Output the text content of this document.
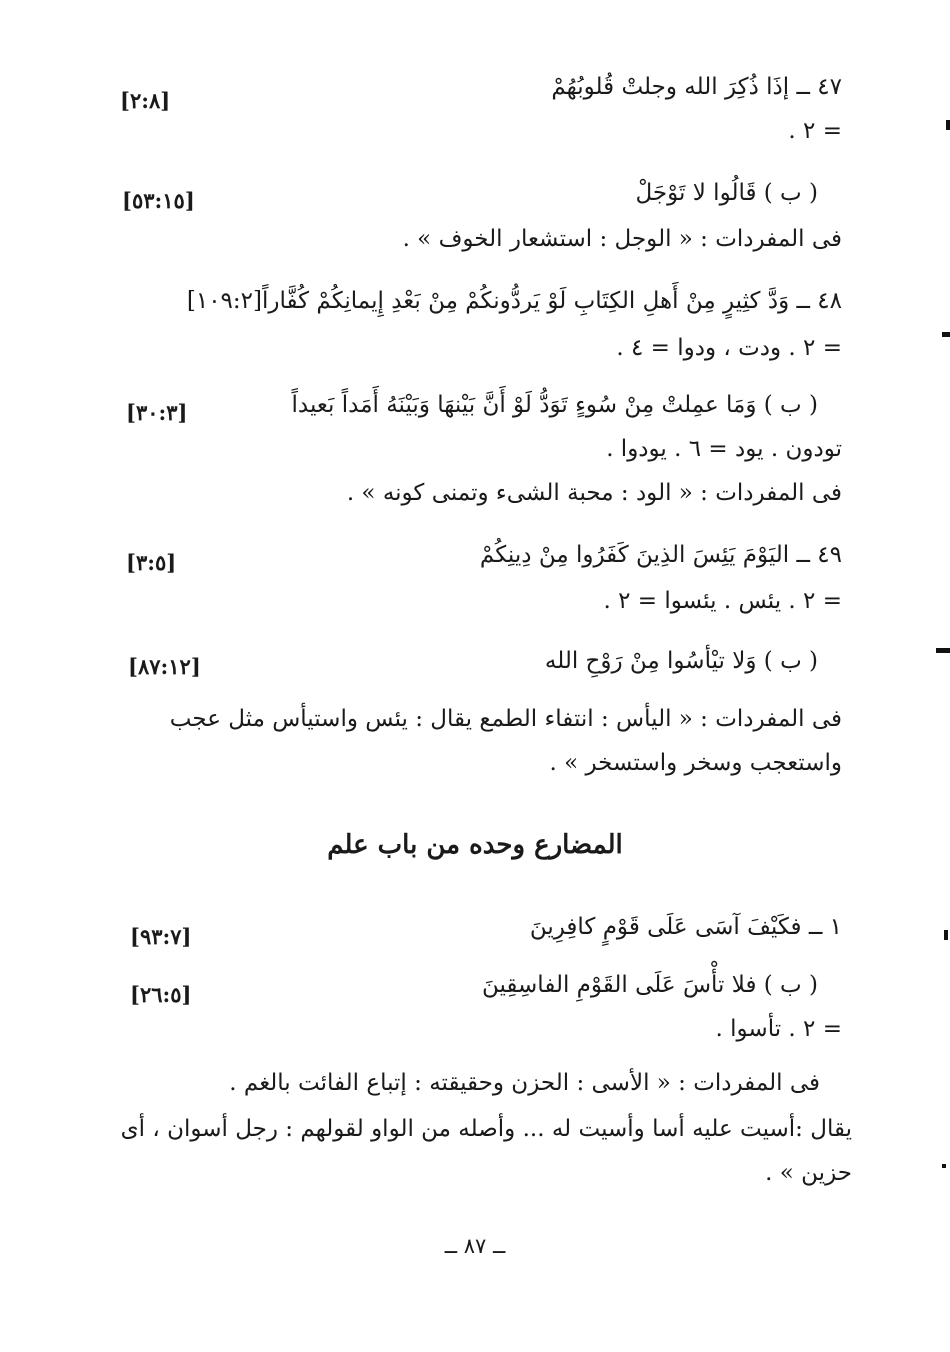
٤٧ ــ إذَا ذُكِرَ الله وجلتْ قُلوبُهُمْ
[٢:٨]
= ٢ .
( ب ) قَالُوا لا تَوْجَلْ
[٥٣:١٥]
فى المفردات : « الوجل : استشعار الخوف » .
٤٨ ــ وَدَّ كثِيرٍ مِنْ أَهلِ الكِتَابِ لَوْ يَردُّونكُمْ مِنْ بَعْدِ إِيمانِكُمْ كُفَّاراً[١٠٩:٢]
= ٢ . ودت ، ودوا = ٤ .
( ب ) وَمَا عمِلتْ مِنْ سُوءٍ تَوَدُّ لَوْ أَنَّ بَيْنهَا وَبَيْنَهُ أَمَداً بَعيداً
[٣٠:٣]
تودون . يود = ٦ . يودوا .
فى المفردات : « الود : محبة الشىء وتمنى كونه » .
٤٩ ــ اليَوْمَ يَئِسَ الذِينَ كَفَرُوا مِنْ دِينِكُمْ
[٣:٥]
= ٢ . يئس . يئسوا = ٢ .
( ب ) وَلا تيْأسُوا مِنْ رَوْحِ الله
[٨٧:١٢]
فى المفردات : « اليأس : انتفاء الطمع يقال : يئس واستيأس مثل عجب
واستعجب وسخر واستسخر » .
المضارع وحده من باب علم
١ ــ فكَيْفَ آسَى عَلَى قَوْمٍ كافِرِينَ
[٩٣:٧]
( ب ) فلا تأْسَ عَلَى القَوْمِ الفاسِقِينَ
[٢٦:٥]
= ٢ . تأسوا .
فى المفردات : « الأسى : الحزن وحقيقته : إتباع الفائت بالغم .
يقال :أسيت عليه أسا وأسيت له ... وأصله من الواو لقولهم : رجل أسوان ، أى
حزين » .
ــ ٨٧ ــ
